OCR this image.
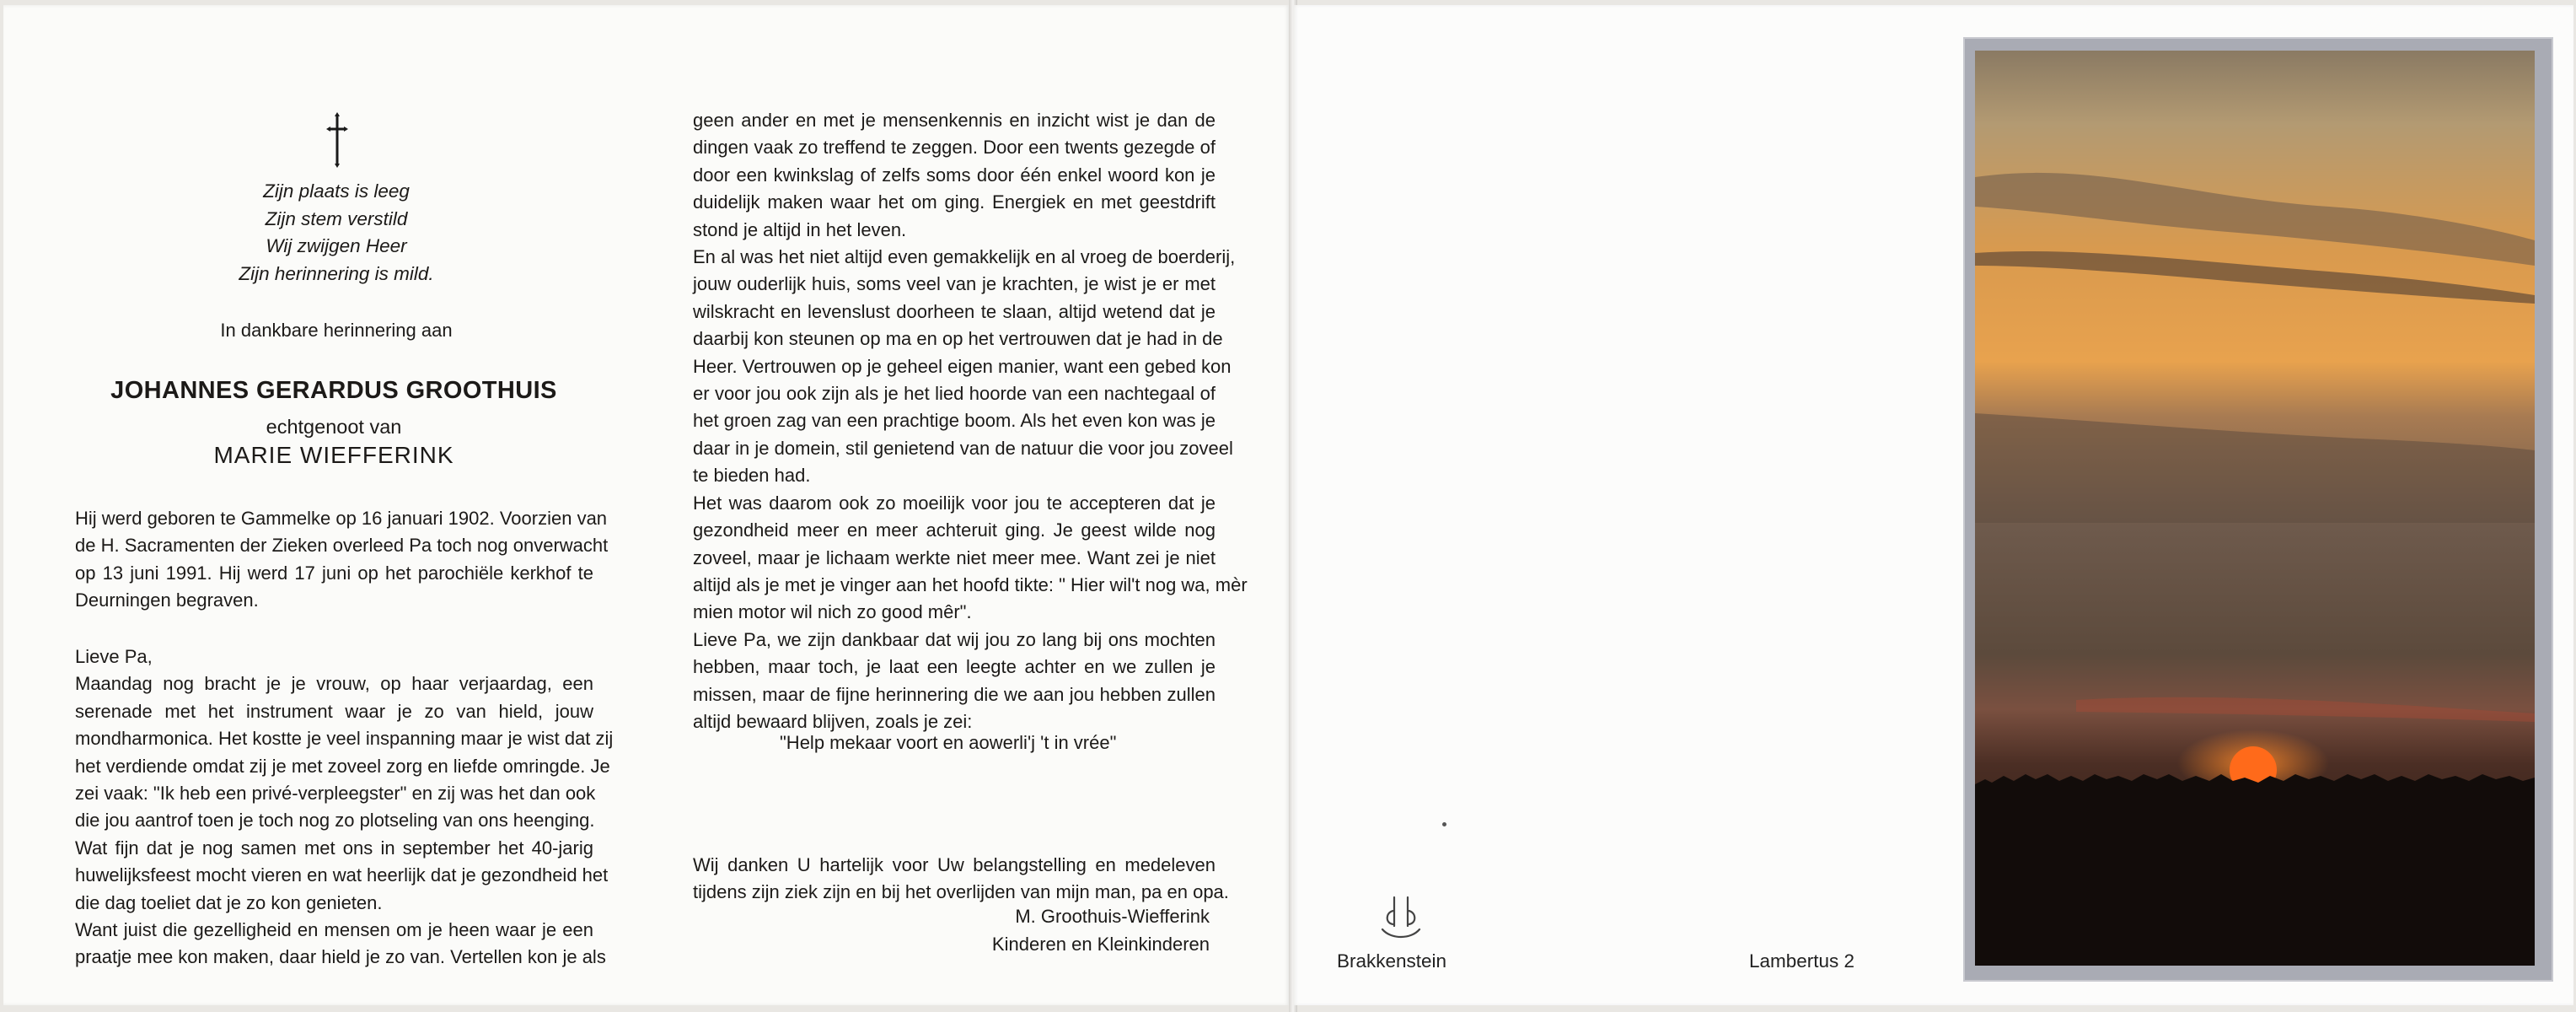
Zijn plaats is leeg
Zijn stem verstild
Wij zwijgen Heer
Zijn herinnering is mild.
In dankbare herinnering aan
JOHANNES GERARDUS GROOTHUIS
echtgenoot van
MARIE WIEFFERINK
Hij werd geboren te Gammelke op 16 januari 1902. Voorzien van
de H. Sacramenten der Zieken overleed Pa toch nog onverwacht
op 13 juni 1991. Hij werd 17 juni op het parochiële kerkhof te
Deurningen begraven.
Lieve Pa,
Maandag nog bracht je je vrouw, op haar verjaardag, een
serenade met het instrument waar je zo van hield, jouw
mondharmonica. Het kostte je veel inspanning maar je wist dat zij
het verdiende omdat zij je met zoveel zorg en liefde omringde. Je
zei vaak: "Ik heb een privé-verpleegster" en zij was het dan ook
die jou aantrof toen je toch nog zo plotseling van ons heenging.
Wat fijn dat je nog samen met ons in september het 40-jarig
huwelijksfeest mocht vieren en wat heerlijk dat je gezondheid het
die dag toeliet dat je zo kon genieten.
Want juist die gezelligheid en mensen om je heen waar je een
praatje mee kon maken, daar hield je zo van. Vertellen kon je als
geen ander en met je mensenkennis en inzicht wist je dan de
dingen vaak zo treffend te zeggen. Door een twents gezegde of
door een kwinkslag of zelfs soms door één enkel woord kon je
duidelijk maken waar het om ging. Energiek en met geestdrift
stond je altijd in het leven.
En al was het niet altijd even gemakkelijk en al vroeg de boerderij,
jouw ouderlijk huis, soms veel van je krachten, je wist je er met
wilskracht en levenslust doorheen te slaan, altijd wetend dat je
daarbij kon steunen op ma en op het vertrouwen dat je had in de
Heer. Vertrouwen op je geheel eigen manier, want een gebed kon
er voor jou ook zijn als je het lied hoorde van een nachtegaal of
het groen zag van een prachtige boom. Als het even kon was je
daar in je domein, stil genietend van de natuur die voor jou zoveel
te bieden had.
Het was daarom ook zo moeilijk voor jou te accepteren dat je
gezondheid meer en meer achteruit ging. Je geest wilde nog
zoveel, maar je lichaam werkte niet meer mee. Want zei je niet
altijd als je met je vinger aan het hoofd tikte: " Hier wil't nog wa, mèr
mien motor wil nich zo good mêr".
Lieve Pa, we zijn dankbaar dat wij jou zo lang bij ons mochten
hebben, maar toch, je laat een leegte achter en we zullen je
missen, maar de fijne herinnering die we aan jou hebben zullen
altijd bewaard blijven, zoals je zei:
"Help mekaar voort en aowerli'j 't in vrée"
Wij danken U hartelijk voor Uw belangstelling en medeleven
tijdens zijn ziek zijn en bij het overlijden van mijn man, pa en opa.
M. Groothuis-Wiefferink
Kinderen en Kleinkinderen
Brakkenstein	Lambertus 2
